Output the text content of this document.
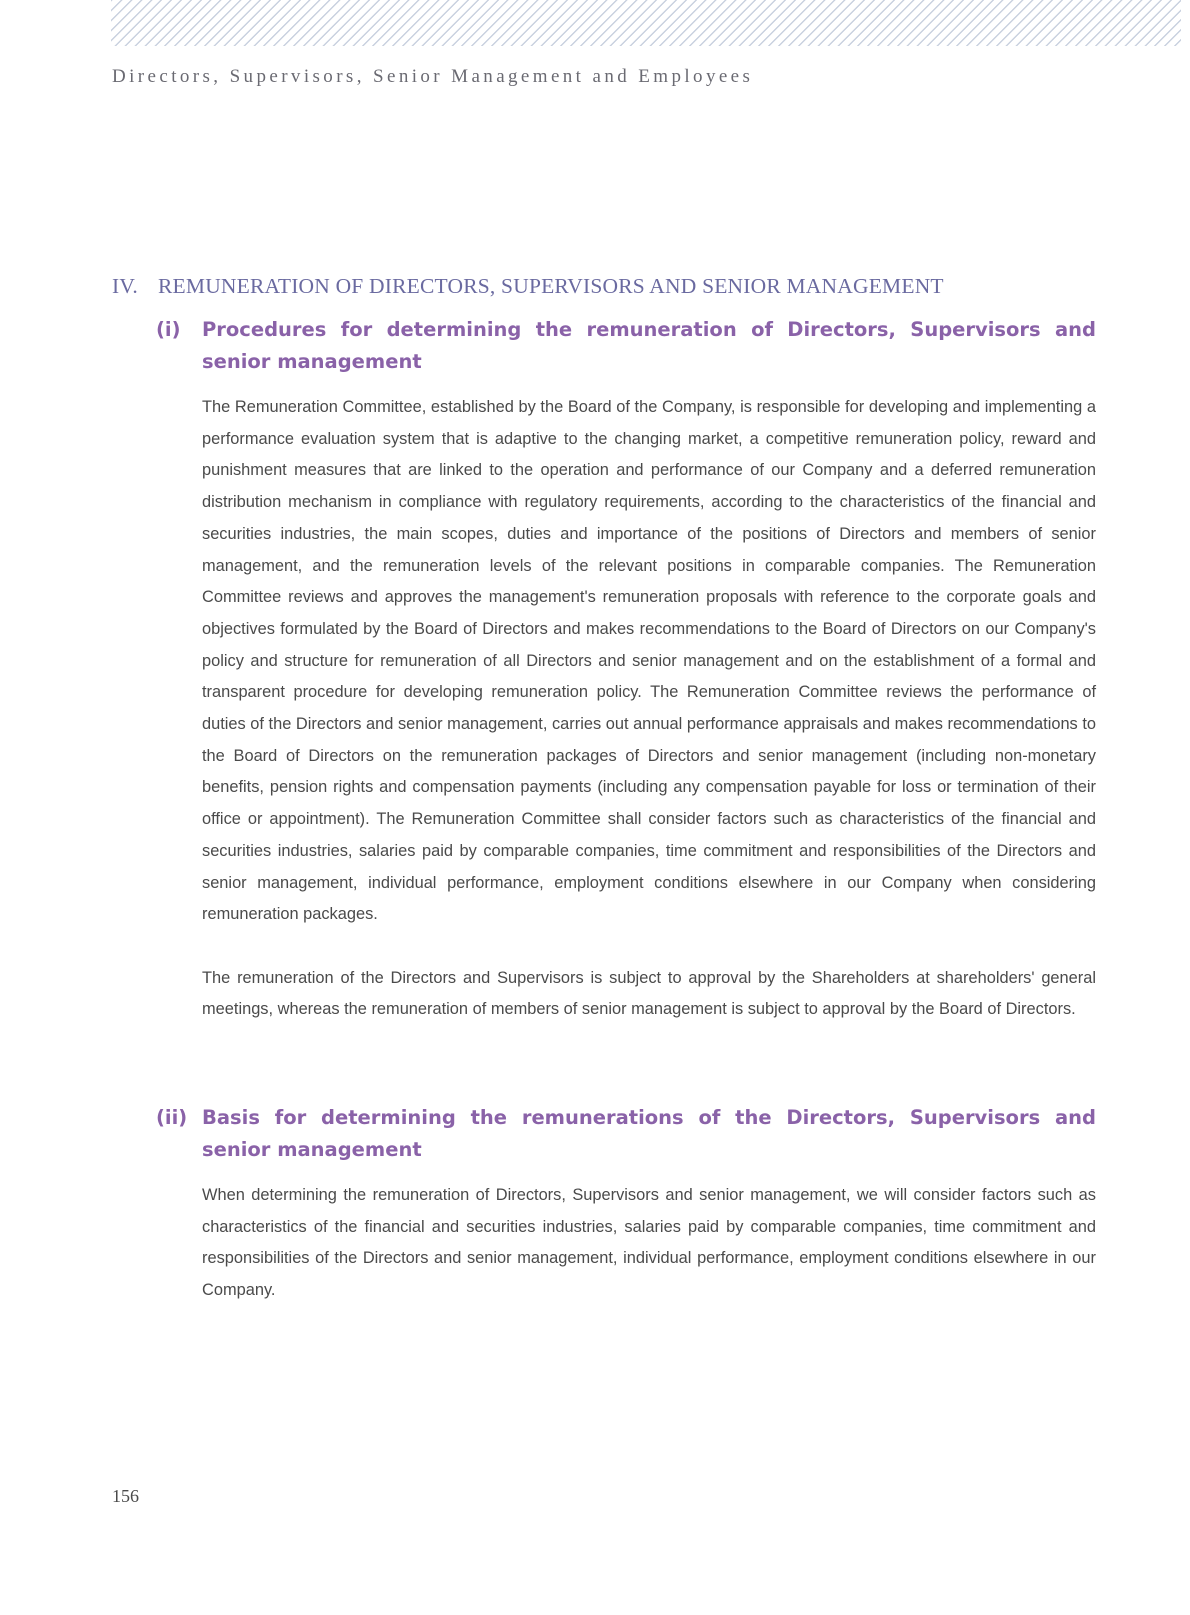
Directors, Supervisors, Senior Management and Employees
IV. REMUNERATION OF DIRECTORS, SUPERVISORS AND SENIOR MANAGEMENT
(i) Procedures for determining the remuneration of Directors, Supervisors and senior management

The Remuneration Committee, established by the Board of the Company, is responsible for developing and implementing a performance evaluation system that is adaptive to the changing market, a competitive remuneration policy, reward and punishment measures that are linked to the operation and performance of our Company and a deferred remuneration distribution mechanism in compliance with regulatory requirements, according to the characteristics of the financial and securities industries, the main scopes, duties and importance of the positions of Directors and members of senior management, and the remuneration levels of the relevant positions in comparable companies. The Remuneration Committee reviews and approves the management's remuneration proposals with reference to the corporate goals and objectives formulated by the Board of Directors and makes recommendations to the Board of Directors on our Company's policy and structure for remuneration of all Directors and senior management and on the establishment of a formal and transparent procedure for developing remuneration policy. The Remuneration Committee reviews the performance of duties of the Directors and senior management, carries out annual performance appraisals and makes recommendations to the Board of Directors on the remuneration packages of Directors and senior management (including non-monetary benefits, pension rights and compensation payments (including any compensation payable for loss or termination of their office or appointment). The Remuneration Committee shall consider factors such as characteristics of the financial and securities industries, salaries paid by comparable companies, time commitment and responsibilities of the Directors and senior management, individual performance, employment conditions elsewhere in our Company when considering remuneration packages.

The remuneration of the Directors and Supervisors is subject to approval by the Shareholders at shareholders' general meetings, whereas the remuneration of members of senior management is subject to approval by the Board of Directors.

(ii) Basis for determining the remunerations of the Directors, Supervisors and senior management

When determining the remuneration of Directors, Supervisors and senior management, we will consider factors such as characteristics of the financial and securities industries, salaries paid by comparable companies, time commitment and responsibilities of the Directors and senior management, individual performance, employment conditions elsewhere in our Company.

156
